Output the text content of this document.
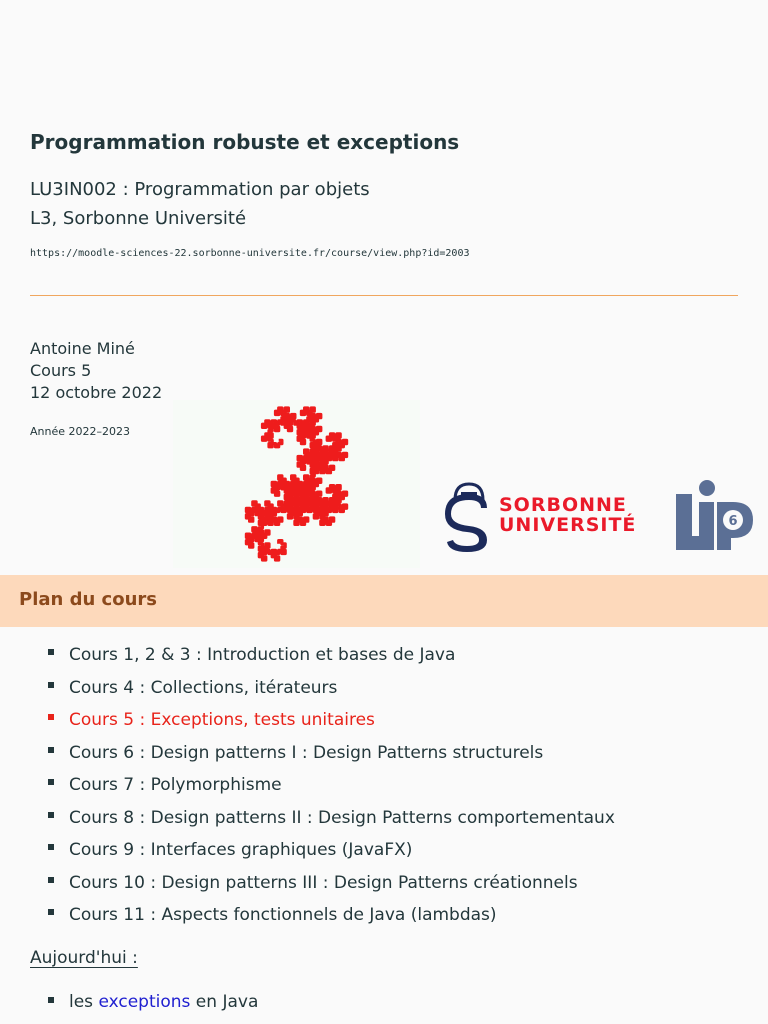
Programmation robuste et exceptions
LU3IN002 : Programmation par objets
L3, Sorbonne Université
https://moodle-sciences-22.sorbonne-universite.fr/course/view.php?id=2003
Antoine Miné
Cours 5
12 octobre 2022
Année 2022–2023
SORBONNE
UNIVERSITÉ	6
Plan du cours
Cours 1, 2 & 3 : Introduction et bases de Java
Cours 4 : Collections, itérateurs
Cours 5 : Exceptions, tests unitaires
Cours 6 : Design patterns I : Design Patterns structurels
Cours 7 : Polymorphisme
Cours 8 : Design patterns II : Design Patterns comportementaux
Cours 9 : Interfaces graphiques (JavaFX)
Cours 10 : Design patterns III : Design Patterns créationnels
Cours 11 : Aspects fonctionnels de Java (lambdas)
Aujourd'hui :
les exceptions en Java
